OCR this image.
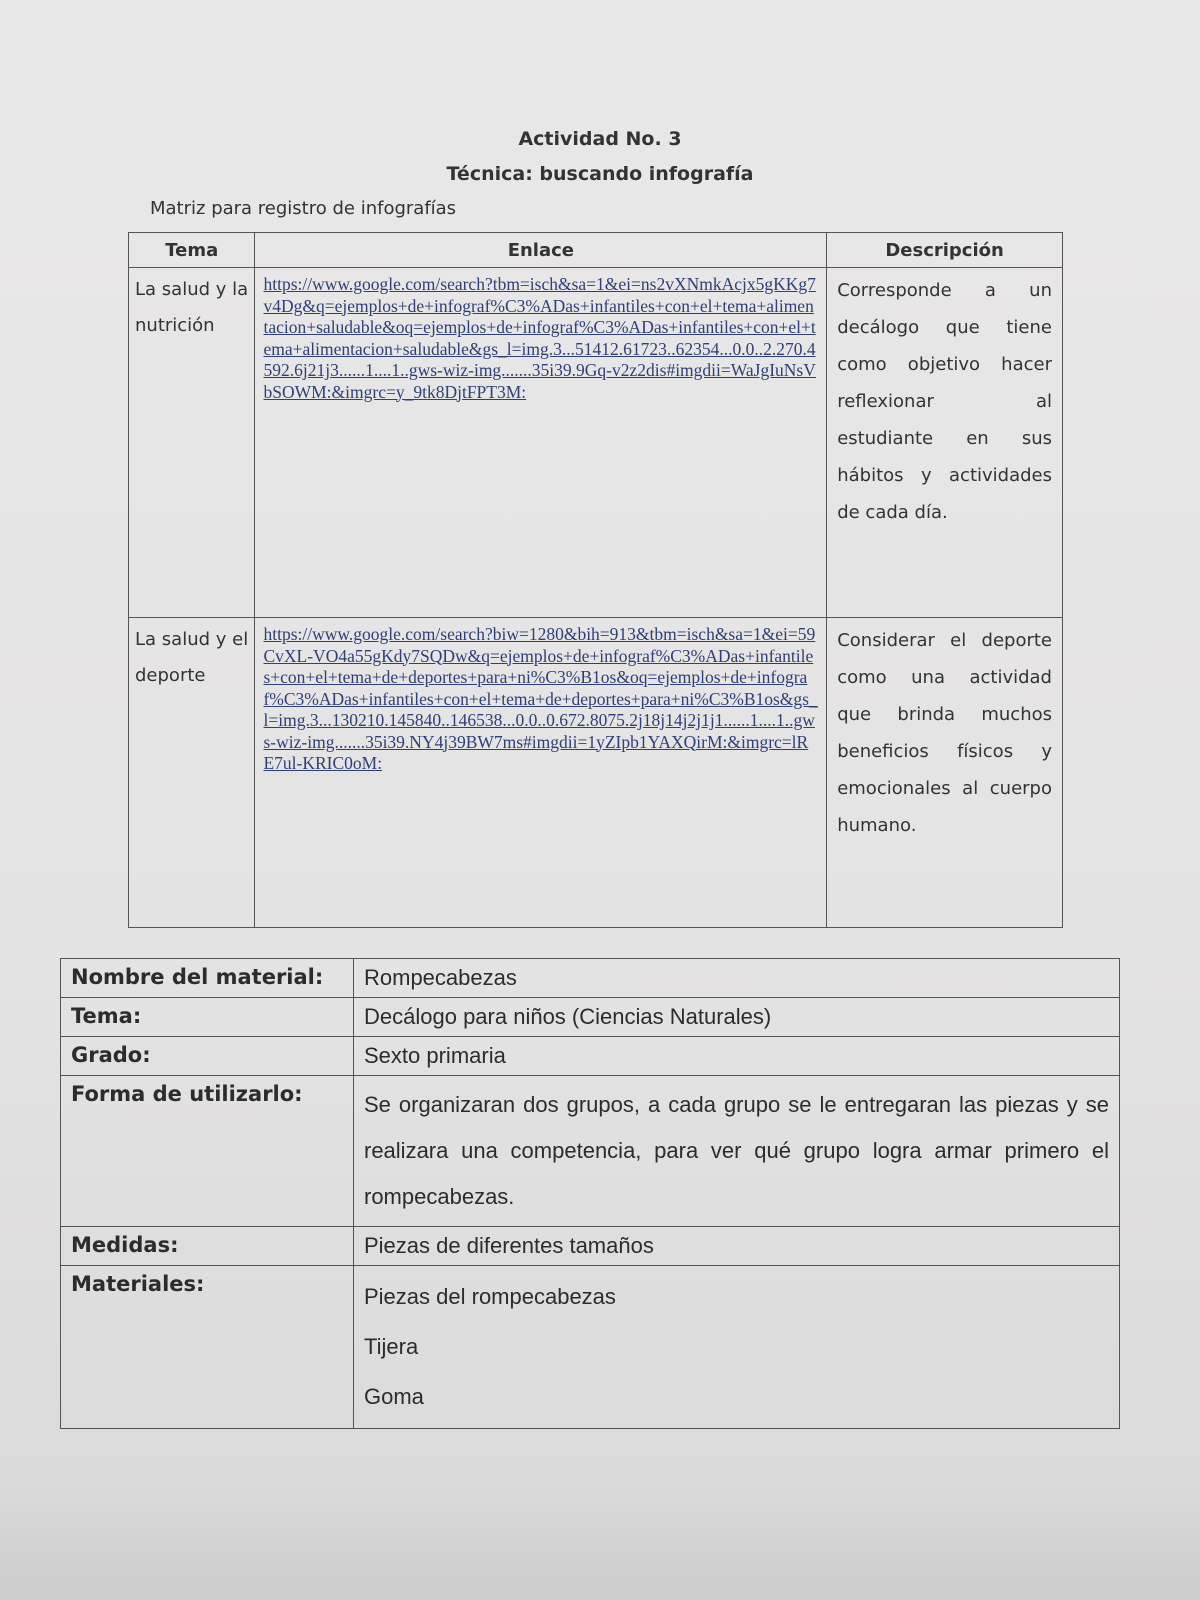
Actividad No. 3
Técnica: buscando infografía
Matriz para registro de infografías
Tema	Enlace	Descripción
La salud y la nutrición	https://www.google.com/search?tbm=isch&sa=1&ei=ns2vXNmkAcjx5gKKg7v4Dg&q=ejemplos+de+infograf%C3%ADas+infantiles+con+el+tema+alimentacion+saludable&oq=ejemplos+de+infograf%C3%ADas+infantiles+con+el+tema+alimentacion+saludable&gs_l=img.3...51412.61723..62354...0.0..2.270.4592.6j21j3......1....1..gws-wiz-img.......35i39.9Gq-v2z2dis#imgdii=WaJgIuNsVbSOWM:&imgrc=y_9tk8DjtFPT3M:	Corresponde a un decálogo que tiene como objetivo hacer reflexionar al estudiante en sus hábitos y actividades de cada día.
La salud y el deporte	https://www.google.com/search?biw=1280&bih=913&tbm=isch&sa=1&ei=59CvXL-VO4a55gKdy7SQDw&q=ejemplos+de+infograf%C3%ADas+infantiles+con+el+tema+de+deportes+para+ni%C3%B1os&oq=ejemplos+de+infograf%C3%ADas+infantiles+con+el+tema+de+deportes+para+ni%C3%B1os&gs_l=img.3...130210.145840..146538...0.0..0.672.8075.2j18j14j2j1j1......1....1..gws-wiz-img.......35i39.NY4j39BW7ms#imgdii=1yZIpb1YAXQirM:&imgrc=lRE7ul-KRIC0oM:	Considerar el deporte como una actividad que brinda muchos beneficios físicos y emocionales al cuerpo humano.
Nombre del material:	Rompecabezas
Tema:	Decálogo para niños (Ciencias Naturales)
Grado:	Sexto primaria
Forma de utilizarlo:	Se organizaran dos grupos, a cada grupo se le entregaran las piezas y se realizara una competencia, para ver qué grupo logra armar primero el rompecabezas.
Medidas:	Piezas de diferentes tamaños
Materiales:	Piezas del rompecabezas
Tijera
Goma
